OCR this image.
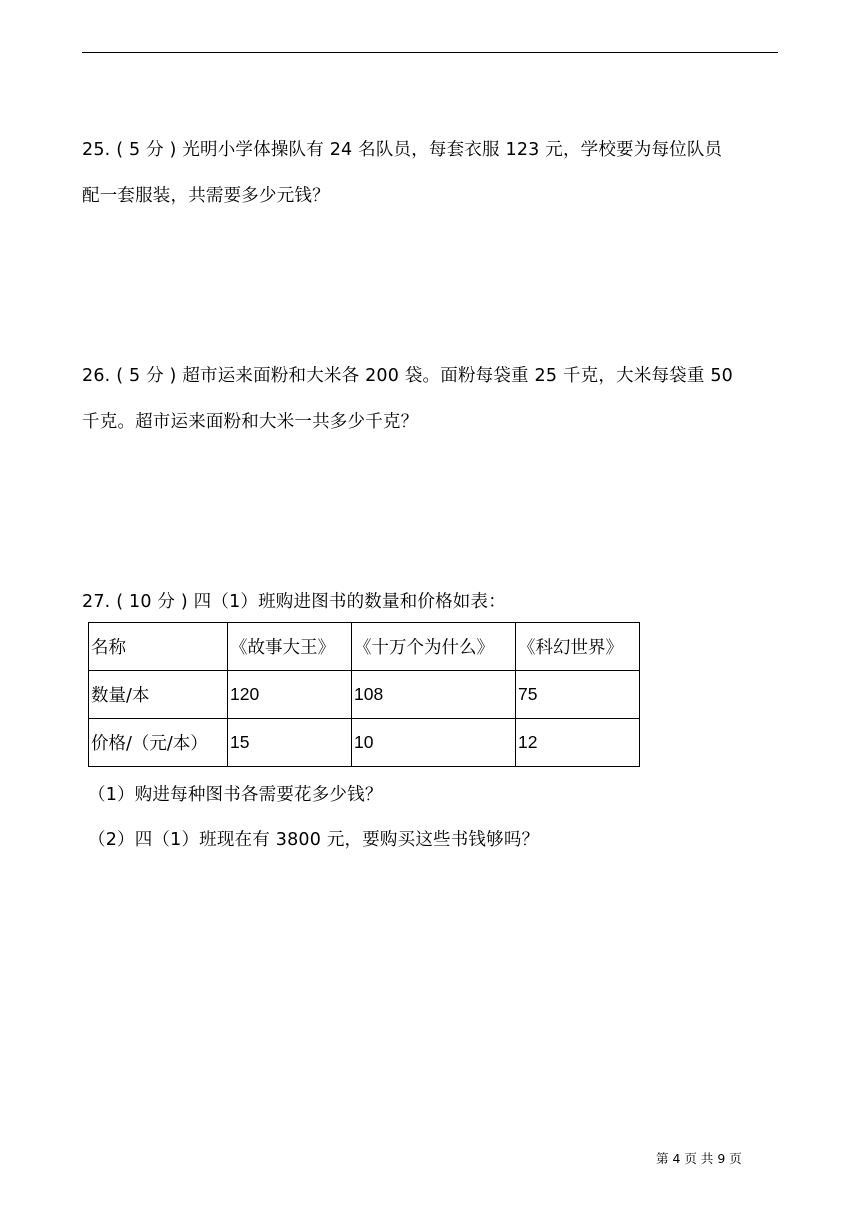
25. ( 5 分 ) 光明小学体操队有 24 名队员，每套衣服 123 元，学校要为每位队员
配一套服装，共需要多少元钱？
26. ( 5 分 ) 超市运来面粉和大米各 200 袋。面粉每袋重 25 千克，大米每袋重 50
千克。超市运来面粉和大米一共多少千克？
27. ( 10 分 ) 四（1）班购进图书的数量和价格如表：
名称	《故事大王》	《十万个为什么》	《科幻世界》
数量/本	120	108	75
价格/（元/本）	15	10	12
（1）购进每种图书各需要花多少钱？
（2）四（1）班现在有 3800 元，要购买这些书钱够吗？
第 4 页 共 9 页
